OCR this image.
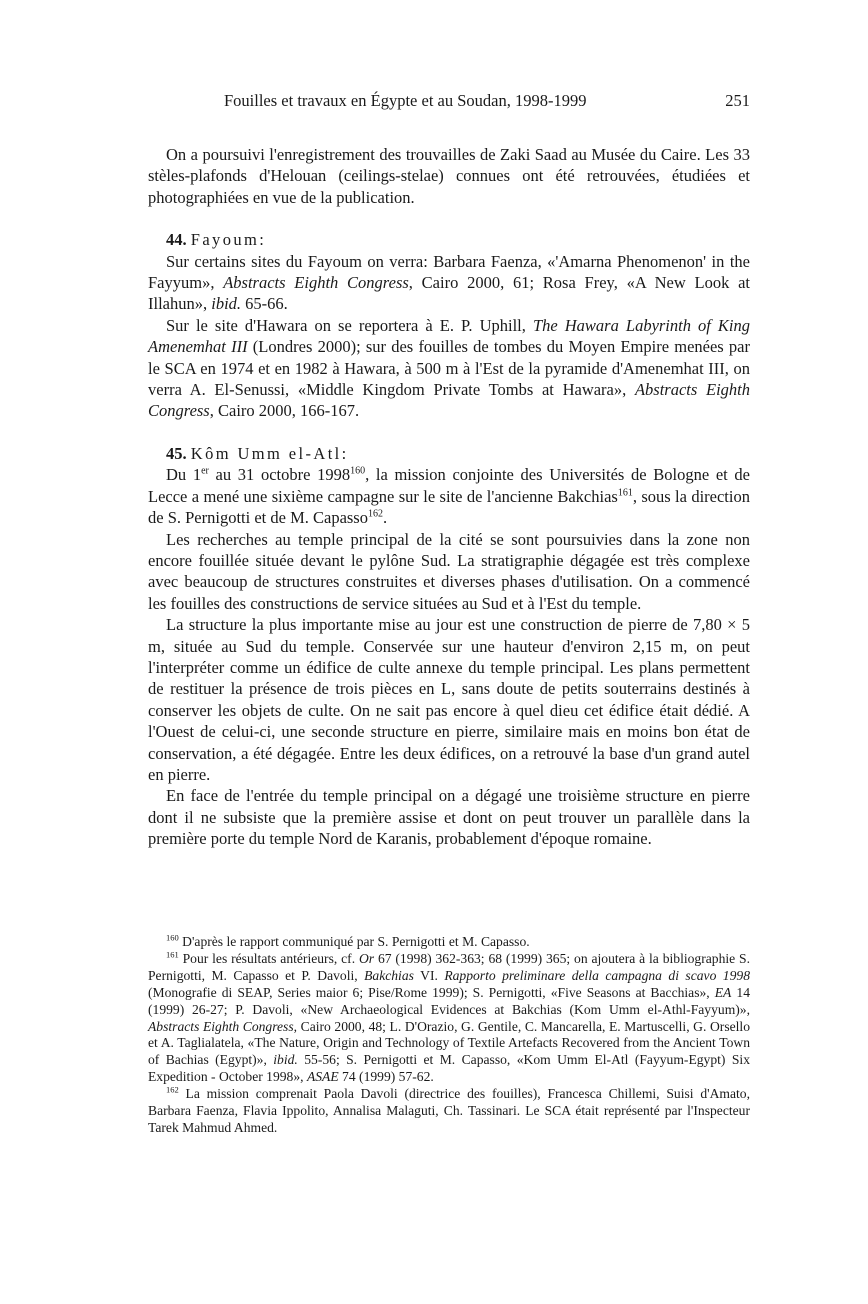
Fouilles et travaux en Égypte et au Soudan, 1998-1999	251

On a poursuivi l'enregistrement des trouvailles de Zaki Saad au Musée du Caire. Les 33 stèles-plafonds d'Helouan (ceilings-stelae) connues ont été retrouvées, étudiées et photographiées en vue de la publication.

44. Fayoum:

Sur certains sites du Fayoum on verra: Barbara Faenza, «'Amarna Phenomenon' in the Fayyum», Abstracts Eighth Congress, Cairo 2000, 61; Rosa Frey, «A New Look at Illahun», ibid. 65-66.

Sur le site d'Hawara on se reportera à E. P. Uphill, The Hawara Labyrinth of King Amenemhat III (Londres 2000); sur des fouilles de tombes du Moyen Empire menées par le SCA en 1974 et en 1982 à Hawara, à 500 m à l'Est de la pyramide d'Amenemhat III, on verra A. El-Senussi, «Middle Kingdom Private Tombs at Hawara», Abstracts Eighth Congress, Cairo 2000, 166-167.

45. Kôm Umm el-Atl:

Du 1er au 31 octobre 1998$^{160}$, la mission conjointe des Universités de Bologne et de Lecce a mené une sixième campagne sur le site de l'ancienne Bakchias$^{161}$, sous la direction de S. Pernigotti et de M. Capasso$^{162}$.

Les recherches au temple principal de la cité se sont poursuivies dans la zone non encore fouillée située devant le pylône Sud. La stratigraphie dégagée est très complexe avec beaucoup de structures construites et diverses phases d'utilisation. On a commencé les fouilles des constructions de service situées au Sud et à l'Est du temple.

La structure la plus importante mise au jour est une construction de pierre de 7,80 × 5 m, située au Sud du temple. Conservée sur une hauteur d'environ 2,15 m, on peut l'interpréter comme un édifice de culte annexe du temple principal. Les plans permettent de restituer la présence de trois pièces en L, sans doute de petits souterrains destinés à conserver les objets de culte. On ne sait pas encore à quel dieu cet édifice était dédié. A l'Ouest de celui-ci, une seconde structure en pierre, similaire mais en moins bon état de conservation, a été dégagée. Entre les deux édifices, on a retrouvé la base d'un grand autel en pierre.

En face de l'entrée du temple principal on a dégagé une troisième structure en pierre dont il ne subsiste que la première assise et dont on peut trouver un parallèle dans la première porte du temple Nord de Karanis, probablement d'époque romaine.

$^{160}$ D'après le rapport communiqué par S. Pernigotti et M. Capasso.

$^{161}$ Pour les résultats antérieurs, cf. Or 67 (1998) 362-363; 68 (1999) 365; on ajoutera à la bibliographie S. Pernigotti, M. Capasso et P. Davoli, Bakchias VI. Rapporto preliminare della campagna di scavo 1998 (Monografie di SEAP, Series maior 6; Pise/Rome 1999); S. Pernigotti, «Five Seasons at Bacchias», EA 14 (1999) 26-27; P. Davoli, «New Archaeological Evidences at Bakchias (Kom Umm el-Athl-Fayyum)», Abstracts Eighth Congress, Cairo 2000, 48; L. D'Orazio, G. Gentile, C. Mancarella, E. Martuscelli, G. Orsello et A. Taglialatela, «The Nature, Origin and Technology of Textile Artefacts Recovered from the Ancient Town of Bachias (Egypt)», ibid. 55-56; S. Pernigotti et M. Capasso, «Kom Umm El-Atl (Fayyum-Egypt) Six Expedition - October 1998», ASAE 74 (1999) 57-62.

$^{162}$ La mission comprenait Paola Davoli (directrice des fouilles), Francesca Chillemi, Suisi d'Amato, Barbara Faenza, Flavia Ippolito, Annalisa Malaguti, Ch. Tassinari. Le SCA était représenté par l'Inspecteur Tarek Mahmud Ahmed.
